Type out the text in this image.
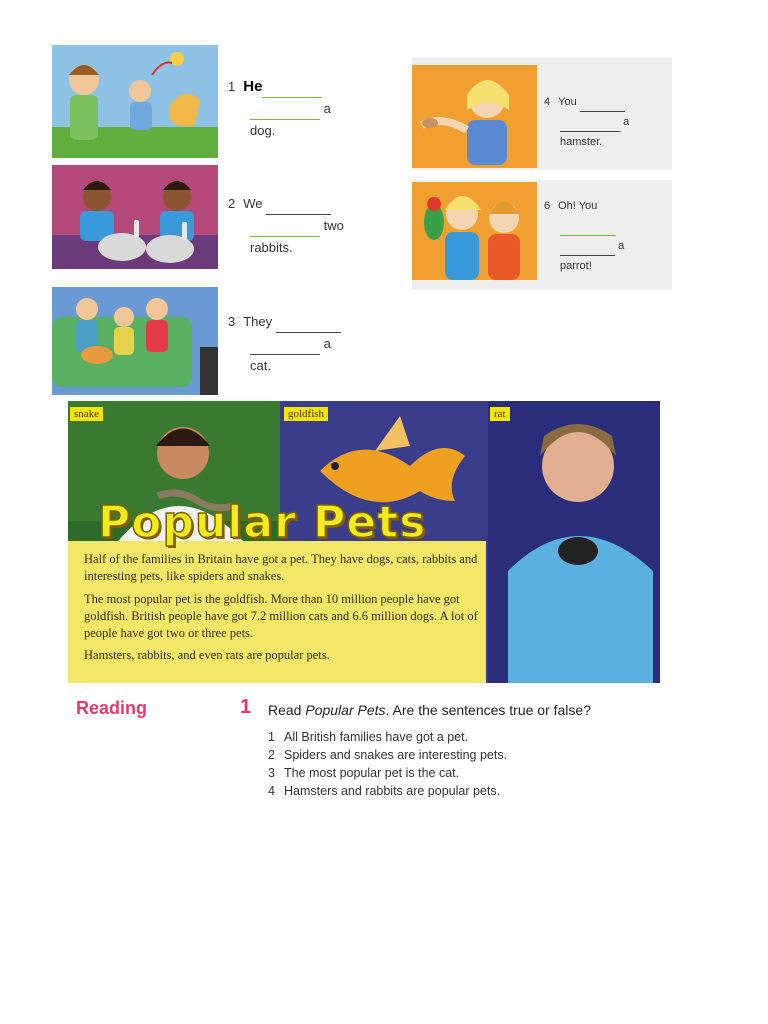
1 He
a
dog.
2 We
two
rabbits.
3 They
a
cat.
4 You
a
hamster.
6 Oh! You

a
parrot!
snake	goldfish	rat

Half of the families in Britain have got a pet. They have dogs, cats, rabbits and interesting pets, like spiders and snakes.

The most popular pet is the goldfish. More than 10 million people have got goldfish. British people have got 7.2 million cats and 6.6 million dogs. A lot of people have got two or three pets.

Hamsters, rabbits, and even rats are popular pets.

Popular Pets
Reading	1 Read Popular Pets. Are the sentences true or false?
1 All British families have got a pet.
2 Spiders and snakes are interesting pets.
3 The most popular pet is the cat.
4 Hamsters and rabbits are popular pets.
